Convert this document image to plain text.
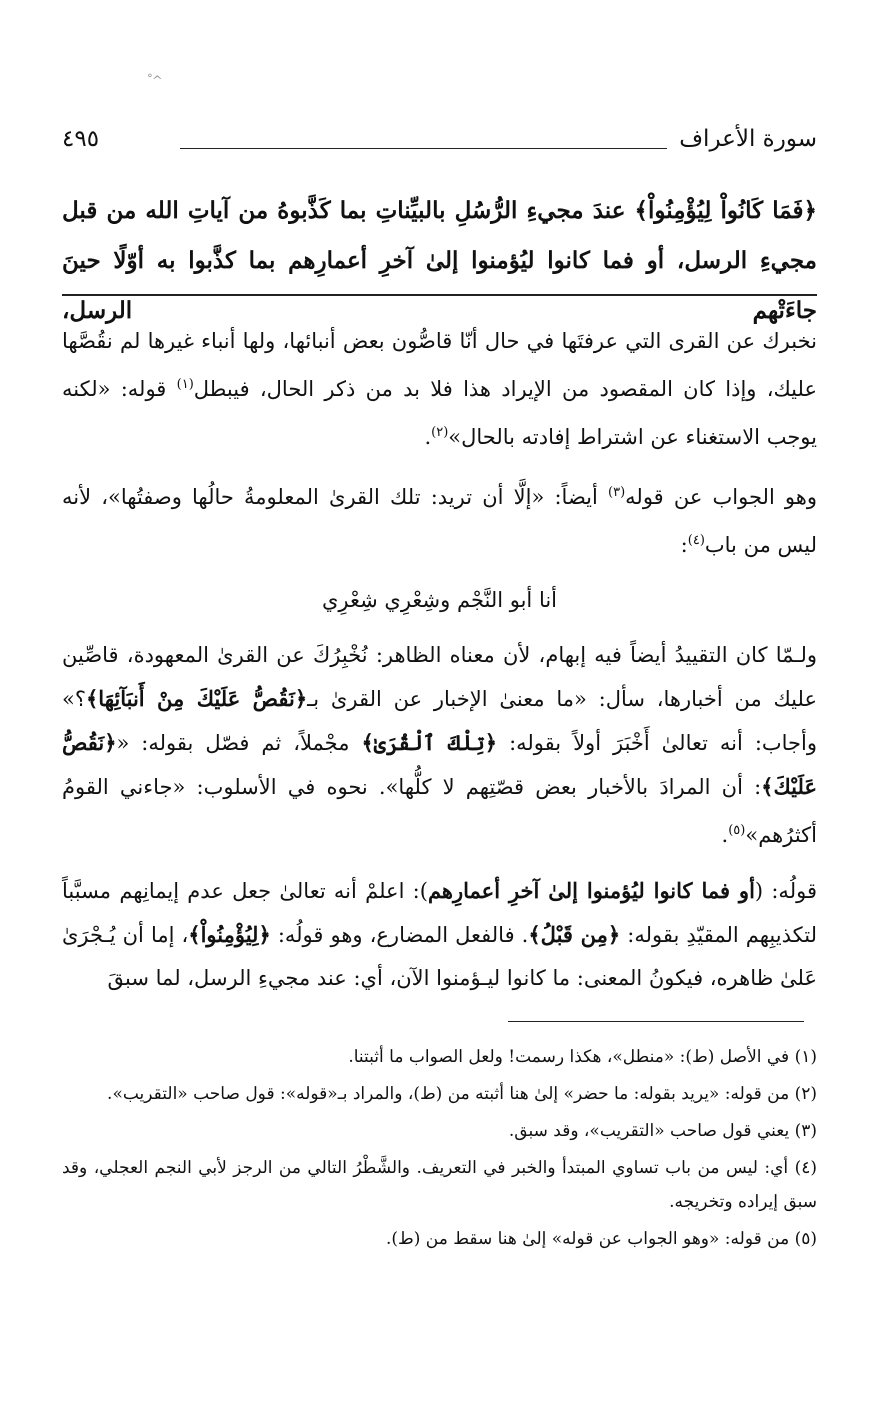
ﹾ^
سورة الأعراف
٤٩٥

﴿فَمَا كَانُواْ لِيُؤْمِنُواْ﴾ عندَ مجيءِ الرُّسُلِ بالبيِّناتِ بما كَذَّبوهُ من آياتِ الله من قبل

مجيءِ الرسل، أو فما كانوا ليُؤمنوا إلىٰ آخرِ أعمارِهم بما كذَّبوا به أوّلًا حينَ جاءَتْهم الرسل،

نخبرك عن القرى التي عرفتَها في حال أنّا قاصُّون بعض أنبائها، ولها أنباء غيرها لم نقُصَّها عليك، وإذا كان المقصود من الإيراد هذا فلا بد من ذكر الحال، فيبطل$^{(١)}$ قوله: «لكنه يوجب الاستغناء عن اشتراط إفادته بالحال»$^{(٢)}$.

وهو الجواب عن قوله$^{(٣)}$ أيضاً: «إلَّا أن تريد: تلك القرىٰ المعلومةُ حالُها وصفتُها»، لأنه ليس من باب$^{(٤)}$:

أنا أبو النَّجْم وشِعْرِي شِعْرِي

ولـمّا كان التقييدُ أيضاً فيه إبهام، لأن معناه الظاهر: نُخْبِرُكَ عن القرىٰ المعهودة، قاصِّين عليك من أخبارها، سأل: «ما معنىٰ الإخبار عن القرىٰ بـ﴿نَقُصُّ عَلَيْكَ مِنْ أَنبَآئِهَا﴾؟» وأجاب: أنه تعالىٰ أَخْبَرَ أولاً بقوله: ﴿تِلْكَ ٱلْقُرَىٰ﴾ مجْملاً، ثم فصّل بقوله: «﴿نَقُصُّ عَلَيْكَ﴾: أن المرادَ بالأخبار بعض قصّتِهم لا كلُّها». نحوه في الأسلوب: «جاءني القومُ أكثرُهم»$^{(٥)}$.

قولُه: (أو فما كانوا ليُؤمنوا إلىٰ آخرِ أعمارِهم): اعلمْ أنه تعالىٰ جعل عدم إيمانِهم مسبَّباً لتكذيبِهم المقيّدِ بقوله: ﴿مِن قَبْلُ﴾. فالفعل المضارع، وهو قولُه: ﴿لِيُؤْمِنُواْ﴾، إما أن يُـجْرَىٰ عَلىٰ ظاهره، فيكونُ المعنى: ما كانوا ليـؤمنوا الآن، أي: عند مجيءِ الرسل، لما سبقَ

(١) في الأصل (ط): «منطل»، هكذا رسمت! ولعل الصواب ما أثبتنا.

(٢) من قوله: «يريد بقوله: ما حضر» إلىٰ هنا أثبته من (ط)، والمراد بـ«قوله»: قول صاحب «التقريب».

(٣) يعني قول صاحب «التقريب»، وقد سبق.

(٤) أي: ليس من باب تساوي المبتدأ والخبر في التعريف. والشَّطْرُ التالي من الرجز لأبي النجم العجلي، وقد سبق إيراده وتخريجه.

(٥) من قوله: «وهو الجواب عن قوله» إلىٰ هنا سقط من (ط).
